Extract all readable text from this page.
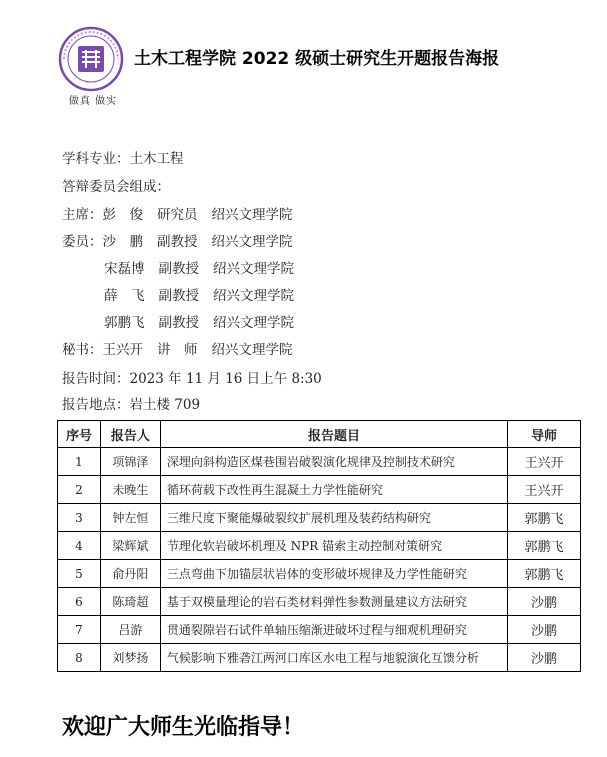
做真 做实
土木工程学院 2022 级硕士研究生开题报告海报
学科专业：土木工程
答辩委员会组成：
主席：彭　俊 研究员 绍兴文理学院
委员：沙　鹏 副教授 绍兴文理学院
宋磊博 副教授 绍兴文理学院
薛　飞 副教授 绍兴文理学院
郭鹏飞 副教授 绍兴文理学院
秘书：王兴开 讲　师 绍兴文理学院
报告时间：2023 年 11 月 16 日上午 8:30
报告地点：岩土楼 709
序号	报告人	报告题目	导师
1	项锦泽	深埋向斜构造区煤巷围岩破裂演化规律及控制技术研究	王兴开
2	未晚生	循环荷载下改性再生混凝土力学性能研究	王兴开
3	钟左恒	三维尺度下聚能爆破裂纹扩展机理及装药结构研究	郭鹏飞
4	梁辉斌	节理化软岩破坏机理及 NPR 锚索主动控制对策研究	郭鹏飞
5	俞丹阳	三点弯曲下加锚层状岩体的变形破坏规律及力学性能研究	郭鹏飞
6	陈琦超	基于双模量理论的岩石类材料弹性参数测量建议方法研究	沙鹏
7	吕游	贯通裂隙岩石试件单轴压缩渐进破坏过程与细观机理研究	沙鹏
8	刘梦扬	气候影响下雅砻江两河口库区水电工程与地貌演化互馈分析	沙鹏
欢迎广大师生光临指导！
